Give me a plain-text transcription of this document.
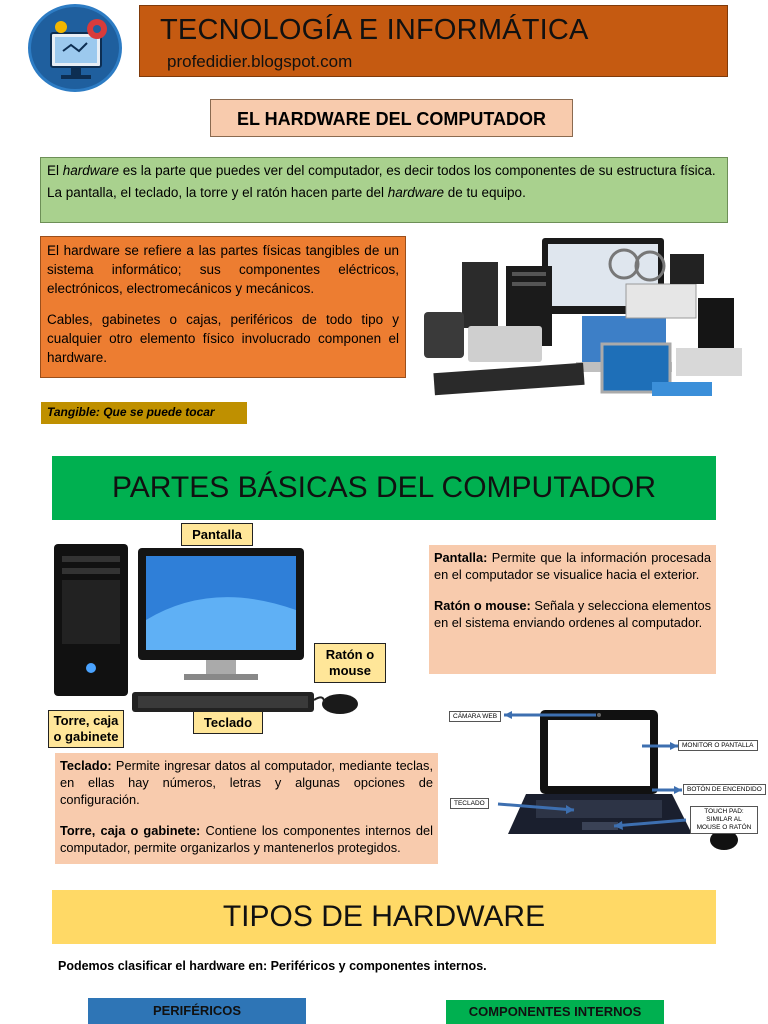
TECNOLOGÍA E INFORMÁTICA
profedidier.blogspot.com
EL HARDWARE DEL COMPUTADOR

El hardware es la parte que puedes ver del computador, es decir todos los componentes de su estructura física.

La pantalla, el teclado, la torre y el ratón hacen parte del hardware de tu equipo.

El hardware se refiere a las partes físicas tangibles de un sistema informático; sus componentes eléctricos, electrónicos, electromecánicos y mecánicos.

Cables, gabinetes o cajas, periféricos de todo tipo y cualquier otro elemento físico involucrado componen el hardware.

Tangible: Que se puede tocar
PARTES BÁSICAS DEL COMPUTADOR
Pantalla
Ratón o mouse
Torre, caja o gabinete
Teclado

Pantalla: Permite que la información procesada en el computador se visualice hacia el exterior.

Ratón o mouse: Señala y selecciona elementos en el sistema enviando ordenes al computador.

Teclado: Permite ingresar datos al computador, mediante teclas, en ellas hay números, letras y algunas opciones de configuración.

Torre, caja o gabinete: Contiene los componentes internos del computador, permite organizarlos y mantenerlos protegidos.

CÁMARA WEB
MONITOR O PANTALLA
BOTÓN DE ENCENDIDO
TECLADO
TOUCH PAD: SIMILAR AL MOUSE O RATÓN
TIPOS DE HARDWARE
Podemos clasificar el hardware en: Periféricos y componentes internos.
PERIFÉRICOS	COMPONENTES INTERNOS
